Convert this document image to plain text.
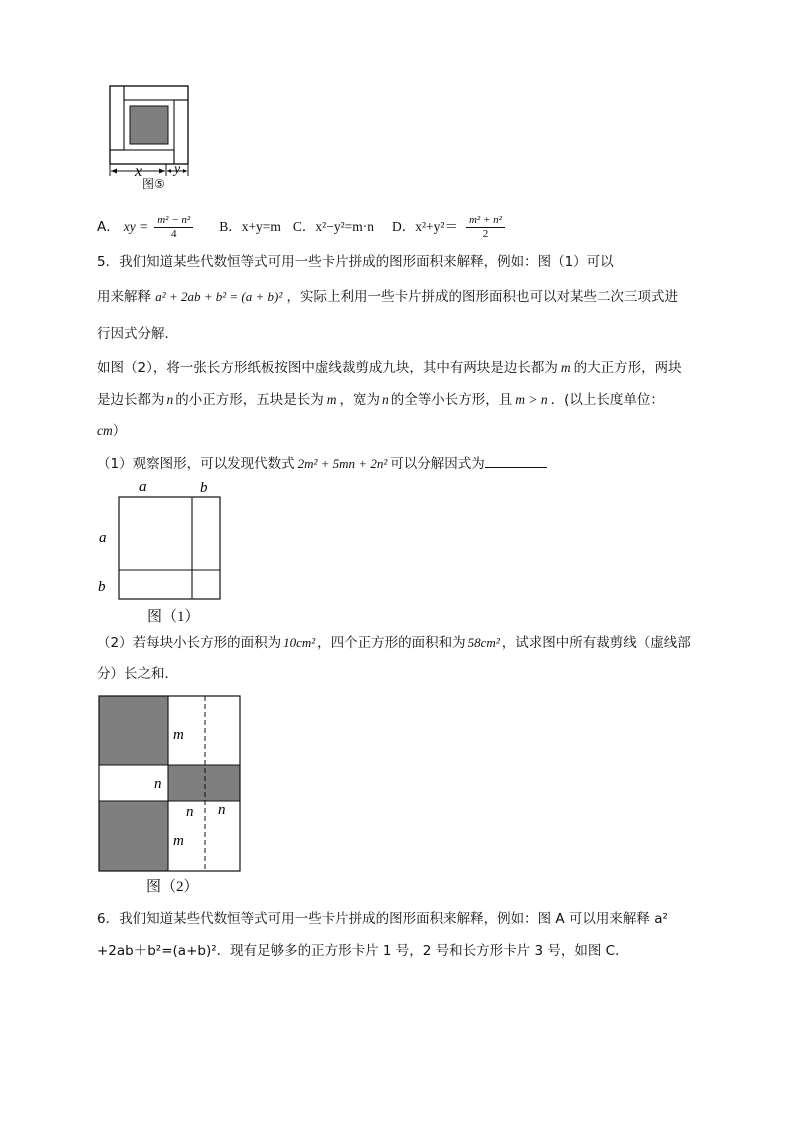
x y
图⑤
A． xy = $\frac{\text{m² − n²}}{4}$ B．x+y=m C．x²−y²=m·n D．$x^2+y^2= \frac{\text{m² + n²}}{2}$
5．我们知道某些代数恒等式可用一些卡片拼成的图形面积来解释，例如：图（1）可以
用来解释 a² + 2ab + b² = (a + b)² ，实际上利用一些卡片拼成的图形面积也可以对某些二次三项式进
行因式分解．
如图（2），将一张长方形纸板按图中虚线裁剪成九块，其中有两块是边长都为 m 的大正方形，两块
是边长都为 n 的小正方形，五块是长为 m ，宽为 n 的全等小长方形，且 m > n ．(以上长度单位：
cm）
（1）观察图形，可以发现代数式 2m² + 5mn + 2n² 可以分解因式为
a	b
a
b
图（1）
（2）若每块小长方形的面积为 10cm² ，四个正方形的面积和为 58cm² ，试求图中所有裁剪线（虚线部
分）长之和．
m
n
n n
m
图（2）
6．我们知道某些代数恒等式可用一些卡片拼成的图形面积来解释，例如：图 A 可以用来解释 a²
+2ab＋b²=(a+b)²．现有足够多的正方形卡片 1 号，2 号和长方形卡片 3 号，如图 C．
